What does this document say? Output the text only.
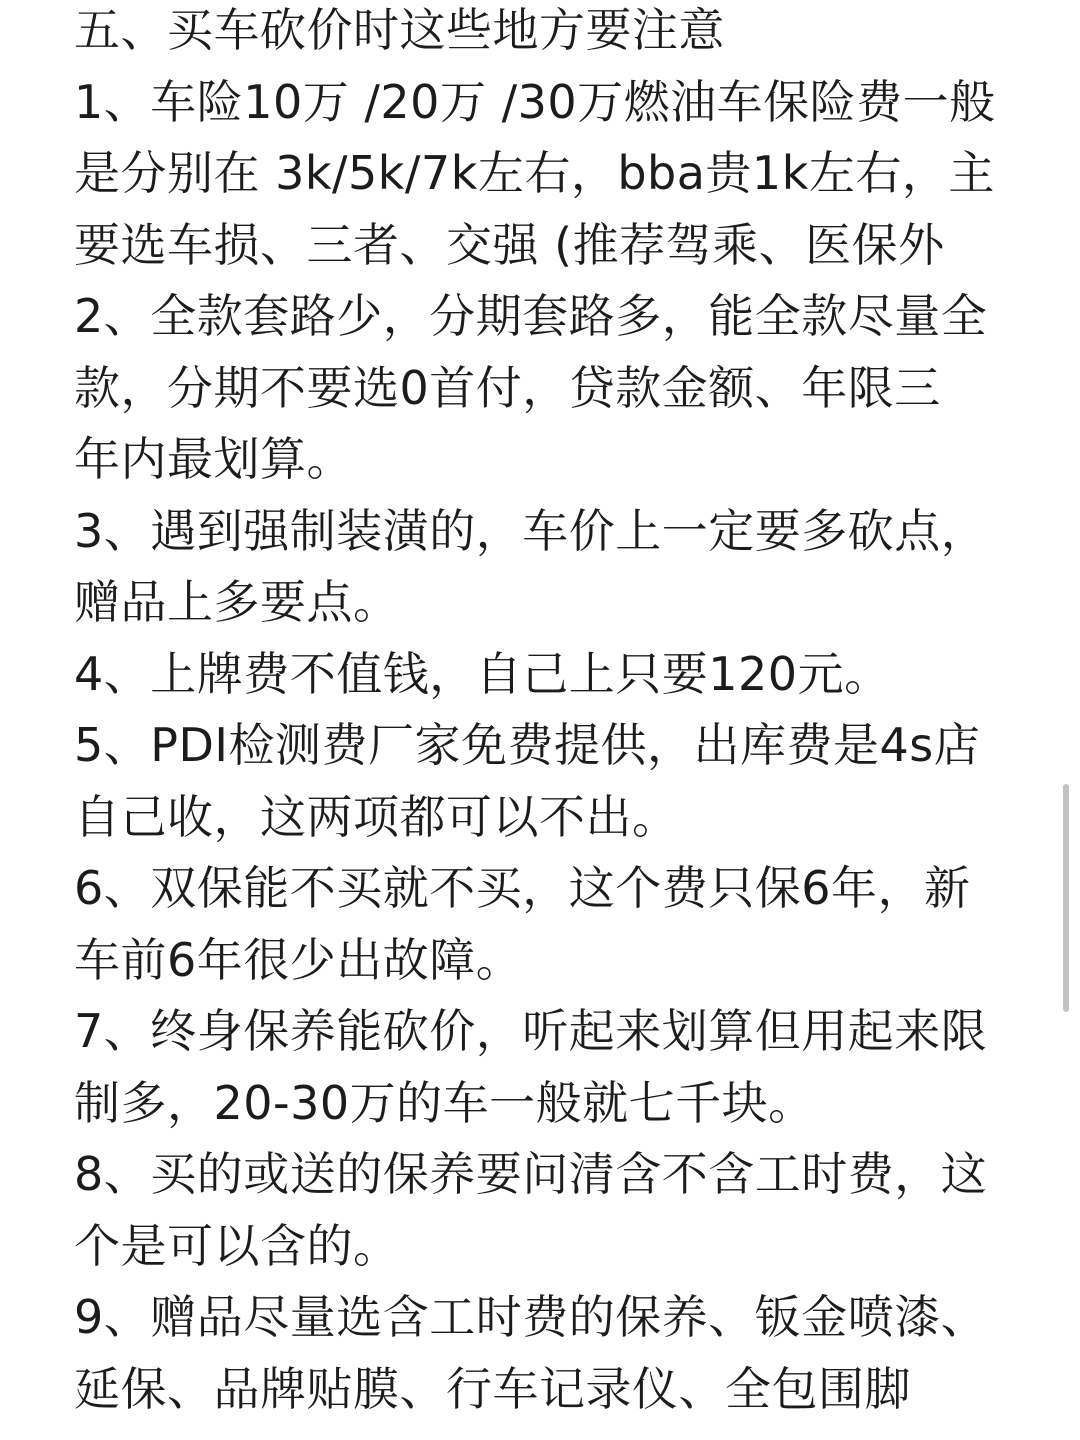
五、买车砍价时这些地方要注意
1、车险10万 /20万 /30万燃油车保险费一般
是分别在 3k/5k/7k左右，bba贵1k左右，主
要选车损、三者、交强 (推荐驾乘、医保外
2、全款套路少，分期套路多，能全款尽量全
款，分期不要选0首付，贷款金额、年限三
年内最划算。
3、遇到强制装潢的，车价上一定要多砍点，
赠品上多要点。
4、上牌费不值钱，自己上只要120元。
5、PDI检测费厂家免费提供，出库费是4s店
自己收，这两项都可以不出。
6、双保能不买就不买，这个费只保6年，新
车前6年很少出故障。
7、终身保养能砍价，听起来划算但用起来限
制多，20-30万的车一般就七千块。
8、买的或送的保养要问清含不含工时费，这
个是可以含的。
9、赠品尽量选含工时费的保养、钣金喷漆、
延保、品牌贴膜、行车记录仪、全包围脚
